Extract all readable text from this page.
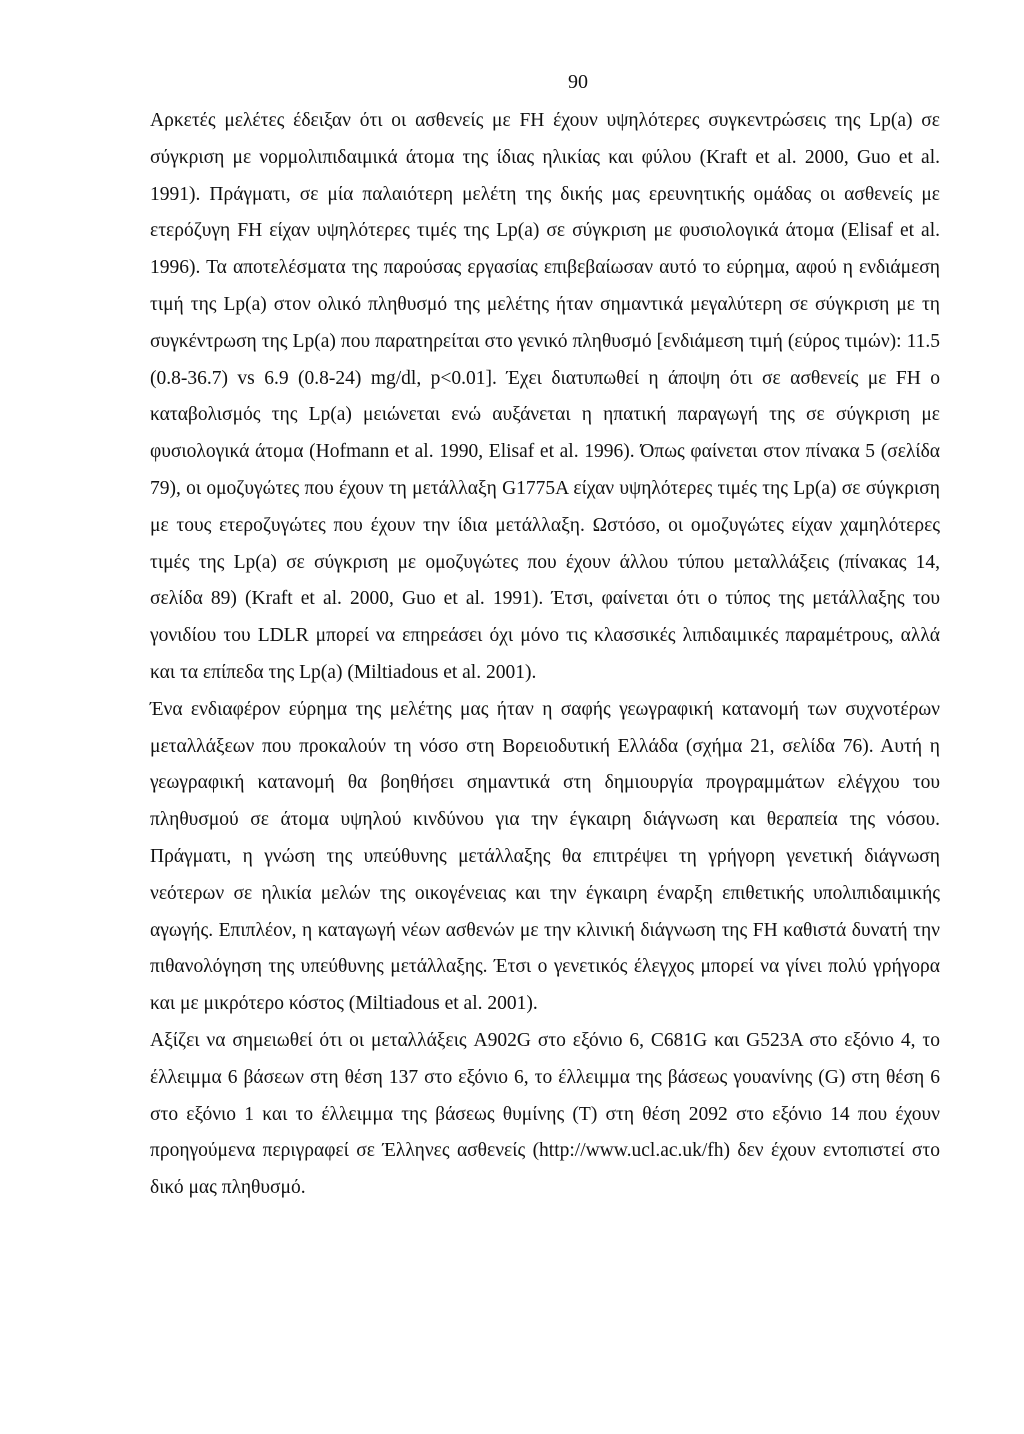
90

Αρκετές μελέτες έδειξαν ότι οι ασθενείς με FH έχουν υψηλότερες συγκεντρώσεις της Lp(a) σε σύγκριση με νορμολιπιδαιμικά άτομα της ίδιας ηλικίας και φύλου (Kraft et al. 2000, Guo et al. 1991). Πράγματι, σε μία παλαιότερη μελέτη της δικής μας ερευνητικής ομάδας οι ασθενείς με ετερόζυγη FH είχαν υψηλότερες τιμές της Lp(a) σε σύγκριση με φυσιολογικά άτομα (Elisaf et al. 1996). Τα αποτελέσματα της παρούσας εργασίας επιβεβαίωσαν αυτό το εύρημα, αφού η ενδιάμεση τιμή της Lp(a) στον ολικό πληθυσμό της μελέτης ήταν σημαντικά μεγαλύτερη σε σύγκριση με τη συγκέντρωση της Lp(a) που παρατηρείται στο γενικό πληθυσμό [ενδιάμεση τιμή (εύρος τιμών): 11.5 (0.8-36.7) vs 6.9 (0.8-24) mg/dl, p<0.01]. Έχει διατυπωθεί η άποψη ότι σε ασθενείς με FH ο καταβολισμός της Lp(a) μειώνεται ενώ αυξάνεται η ηπατική παραγωγή της σε σύγκριση με φυσιολογικά άτομα (Hofmann et al. 1990, Elisaf et al. 1996). Όπως φαίνεται στον πίνακα 5 (σελίδα 79), οι ομοζυγώτες που έχουν τη μετάλλαξη G1775A είχαν υψηλότερες τιμές της Lp(a) σε σύγκριση με τους ετεροζυγώτες που έχουν την ίδια μετάλλαξη. Ωστόσο, οι ομοζυγώτες είχαν χαμηλότερες τιμές της Lp(a) σε σύγκριση με ομοζυγώτες που έχουν άλλου τύπου μεταλλάξεις (πίνακας 14, σελίδα 89) (Kraft et al. 2000, Guo et al. 1991). Έτσι, φαίνεται ότι ο τύπος της μετάλλαξης του γονιδίου του LDLR μπορεί να επηρεάσει όχι μόνο τις κλασσικές λιπιδαιμικές παραμέτρους, αλλά και τα επίπεδα της Lp(a) (Miltiadous et al. 2001).

Ένα ενδιαφέρον εύρημα της μελέτης μας ήταν η σαφής γεωγραφική κατανομή των συχνοτέρων μεταλλάξεων που προκαλούν τη νόσο στη Βορειοδυτική Ελλάδα (σχήμα 21, σελίδα 76). Αυτή η γεωγραφική κατανομή θα βοηθήσει σημαντικά στη δημιουργία προγραμμάτων ελέγχου του πληθυσμού σε άτομα υψηλού κινδύνου για την έγκαιρη διάγνωση και θεραπεία της νόσου. Πράγματι, η γνώση της υπεύθυνης μετάλλαξης θα επιτρέψει τη γρήγορη γενετική διάγνωση νεότερων σε ηλικία μελών της οικογένειας και την έγκαιρη έναρξη επιθετικής υπολιπιδαιμικής αγωγής. Επιπλέον, η καταγωγή νέων ασθενών με την κλινική διάγνωση της FH καθιστά δυνατή την πιθανολόγηση της υπεύθυνης μετάλλαξης. Έτσι ο γενετικός έλεγχος μπορεί να γίνει πολύ γρήγορα και με μικρότερο κόστος (Miltiadous et al. 2001).

Αξίζει να σημειωθεί ότι οι μεταλλάξεις A902G στο εξόνιο 6, C681G και G523A στο εξόνιο 4, το έλλειμμα 6 βάσεων στη θέση 137 στο εξόνιο 6, το έλλειμμα της βάσεως γουανίνης (G) στη θέση 6 στο εξόνιο 1 και το έλλειμμα της βάσεως θυμίνης (T) στη θέση 2092 στο εξόνιο 14 που έχουν προηγούμενα περιγραφεί σε Έλληνες ασθενείς (http://www.ucl.ac.uk/fh) δεν έχουν εντοπιστεί στο δικό μας πληθυσμό.
